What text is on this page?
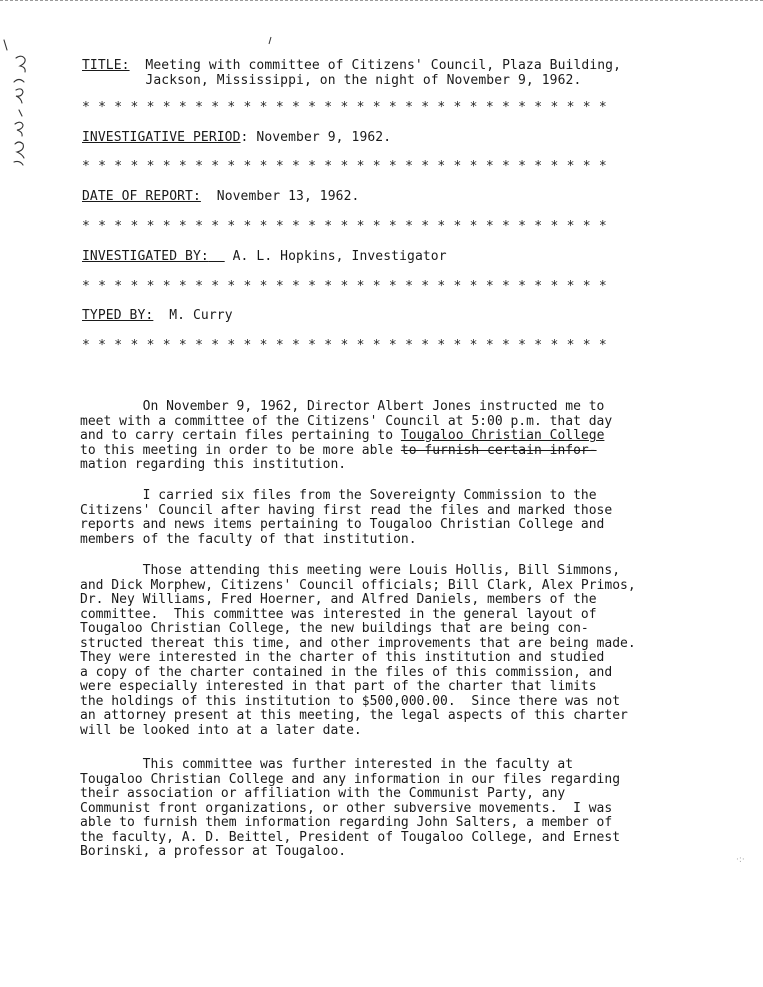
TITLE: Meeting with committee of Citizens' Council, Plaza Building,
Jackson, Mississippi, on the night of November 9, 1962.
* * * * * * * * * * * * * * * * * * * * * * * * * * * * * * * * *
INVESTIGATIVE PERIOD: November 9, 1962.
* * * * * * * * * * * * * * * * * * * * * * * * * * * * * * * * *
DATE OF REPORT: November 13, 1962.
* * * * * * * * * * * * * * * * * * * * * * * * * * * * * * * * *
INVESTIGATED BY: A. L. Hopkins, Investigator
* * * * * * * * * * * * * * * * * * * * * * * * * * * * * * * * *
TYPED BY: M. Curry
* * * * * * * * * * * * * * * * * * * * * * * * * * * * * * * * *
On November 9, 1962, Director Albert Jones instructed me to
meet with a committee of the Citizens' Council at 5:00 p.m. that day
and to carry certain files pertaining to Tougaloo Christian College
to this meeting in order to be more able to furnish certain infor-
mation regarding this institution.
I carried six files from the Sovereignty Commission to the
Citizens' Council after having first read the files and marked those
reports and news items pertaining to Tougaloo Christian College and
members of the faculty of that institution.
Those attending this meeting were Louis Hollis, Bill Simmons,
and Dick Morphew, Citizens' Council officials; Bill Clark, Alex Primos,
Dr. Ney Williams, Fred Hoerner, and Alfred Daniels, members of the
committee.  This committee was interested in the general layout of
Tougaloo Christian College, the new buildings that are being con-
structed thereat this time, and other improvements that are being made.
They were interested in the charter of this institution and studied
a copy of the charter contained in the files of this commission, and
were especially interested in that part of the charter that limits
the holdings of this institution to $500,000.00.  Since there was not
an attorney present at this meeting, the legal aspects of this charter
will be looked into at a later date.
This committee was further interested in the faculty at
Tougaloo Christian College and any information in our files regarding
their association or affiliation with the Communist Party, any
Communist front organizations, or other subversive movements.  I was
able to furnish them information regarding John Salters, a member of
the faculty, A. D. Beittel, President of Tougaloo College, and Ernest
Borinski, a professor at Tougaloo.
·:·
